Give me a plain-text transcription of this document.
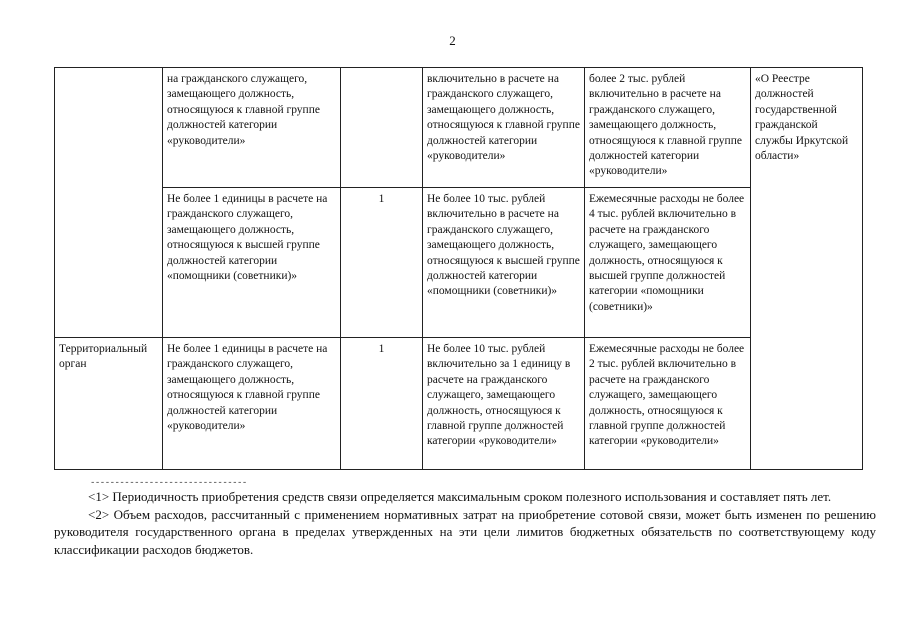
2
	на гражданского служащего, замещающего должность, относящуюся к главной группе должностей категории «руководители»		включительно в расчете на гражданского служащего, замещающего должность, относящуюся к главной группе должностей категории «руководители»	более 2 тыс. рублей включительно в расчете на гражданского служащего, замещающего должность, относящуюся к главной группе должностей категории «руководители»	«О Реестре должностей государственной гражданской службы Иркутской области»
	Не более 1 единицы в расчете на гражданского служащего, замещающего должность, относящуюся к высшей группе должностей категории «помощники (советники)»	1	Не более 10 тыс. рублей включительно в расчете на гражданского служащего, замещающего должность, относящуюся к высшей группе должностей категории «помощники (советники)»	Ежемесячные расходы не более 4 тыс. рублей включительно в расчете на гражданского служащего, замещающего должность, относящуюся к высшей группе должностей категории «помощники (советники)»	
Территориальный орган	Не более 1 единицы в расчете на гражданского служащего, замещающего должность, относящуюся к главной группе должностей категории «руководители»	1	Не более 10 тыс. рублей включительно за 1 единицу в расчете на гражданского служащего, замещающего должность, относящуюся к главной группе должностей категории «руководители»	Ежемесячные расходы не более 2 тыс. рублей включительно в расчете на гражданского служащего, замещающего должность, относящуюся к главной группе должностей категории «руководители»	
--------------------------------

<1> Периодичность приобретения средств связи определяется максимальным сроком полезного использования и составляет пять лет.

<2> Объем расходов, рассчитанный с применением нормативных затрат на приобретение сотовой связи, может быть изменен по решению руководителя государственного органа в пределах утвержденных на эти цели лимитов бюджетных обязательств по соответствующему коду классификации расходов бюджетов.
